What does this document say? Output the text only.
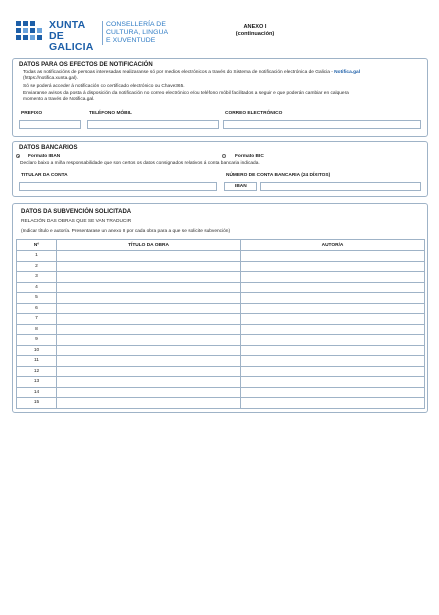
XUNTA
DE GALICIA
CONSELLERÍA DE
CULTURA, LINGUA
E XUVENTUDE
ANEXO I
(continuación)
DATOS PARA OS EFECTOS DE NOTIFICACIÓN
Todas as notificacións de persoas interesadas realizaranse só por medios electrónicos a través do Sistema de notificación electrónica de Galicia - Notifica.gal
(https://notifica.xunta.gal).
Só se poderá acceder á notificación co certificado electrónico ou Chave365.
Enviaranse avisos da posta á disposición da notificación no correo electrónico e/ou teléfono móbil facilitados a seguir e que poderán cambiar en calquera
momento a través de Notifica.gal.
PREFIXO	TELÉFONO MÓBIL	CORREO ELECTRÓNICO
DATOS BANCARIOS
Formato IBAN	Formato BIC
Declaro baixo a miña responsabilidade que son certos os datos consignados relativos á conta bancaria indicada.
TITULAR DA CONTA	NÚMERO DE CONTA BANCARIA (24 DÍXITOS)
IBAN
DATOS DA SUBVENCIÓN SOLICITADA
RELACIÓN DAS OBRAS QUE SE VAN TRADUCIR
(Indicar título e autor/a. Presentarase un anexo II por cada obra para a que se solicite subvención)
Nº	TÍTULO DA OBRA	AUTOR/A
1		
2		
3		
4		
5		
6		
7		
8		
9		
10		
11		
12		
13		
14		
15		
